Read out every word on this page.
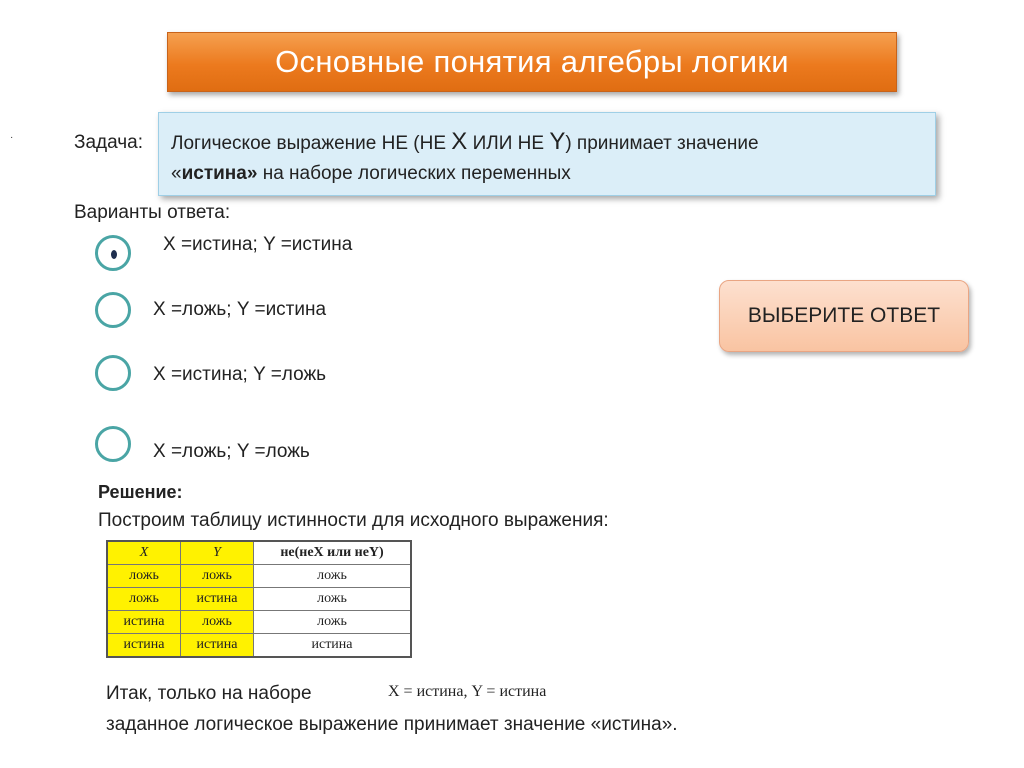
Основные понятия алгебры логики
·	Задача: Логическое выражение НЕ (НЕ X ИЛИ НЕ Y) принимает значение
«истина» на наборе логических переменных
Варианты ответа:
X =истина; Y =истина
X =ложь; Y =истина
X =истина; Y =ложь
X =ложь; Y =ложь
ВЫБЕРИТЕ ОТВЕТ
Решение:
Построим таблицу истинности для исходного выражения:
X	Y	не(неX или неY)
ложь	ложь	ложь
ложь	истина	ложь
истина	ложь	ложь
истина	истина	истина
Итак, только на наборе	X = истина, Y = истина
заданное логическое выражение принимает значение «истина».
